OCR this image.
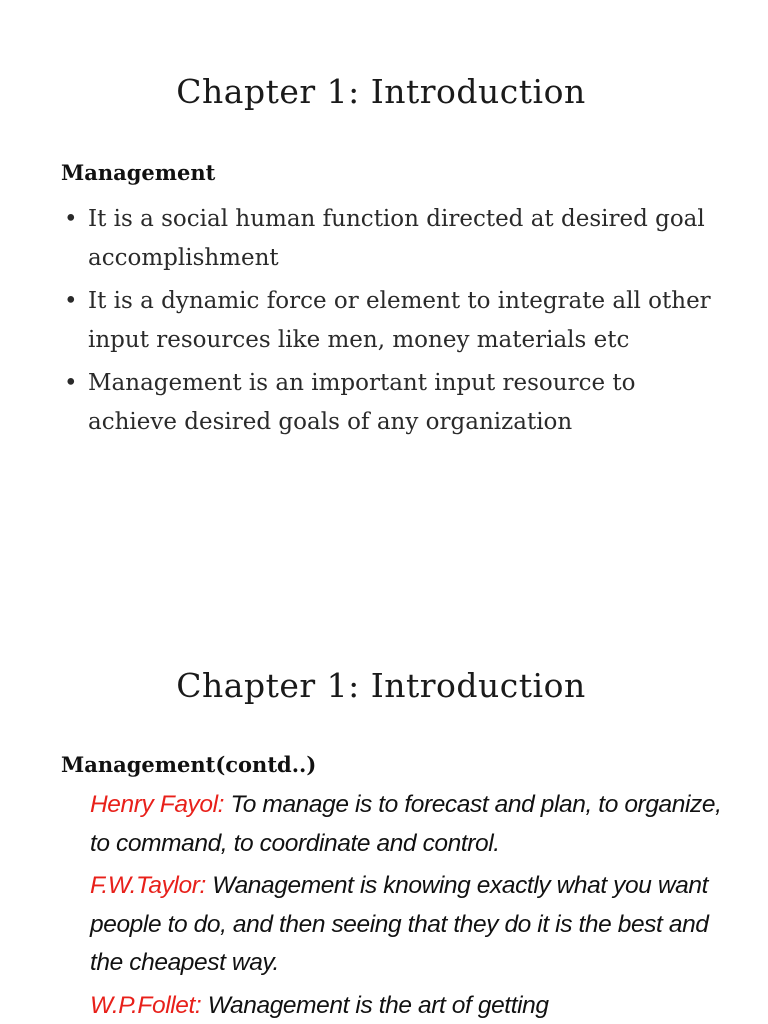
Chapter 1: Introduction
Management
• It is a social human function directed at desired goal accomplishment
• It is a dynamic force or element to integrate all other input resources like men, money materials etc
• Management is an important input resource to achieve desired goals of any organization
Chapter 1: Introduction
Management(contd..)

Henry Fayol: To manage is to forecast and plan, to organize, to command, to coordinate and control.

F.W.Taylor: Wanagement is knowing exactly what you want people to do, and then seeing that they do it is the best and the cheapest way.

W.P.Follet: Wanagement is the art of getting
